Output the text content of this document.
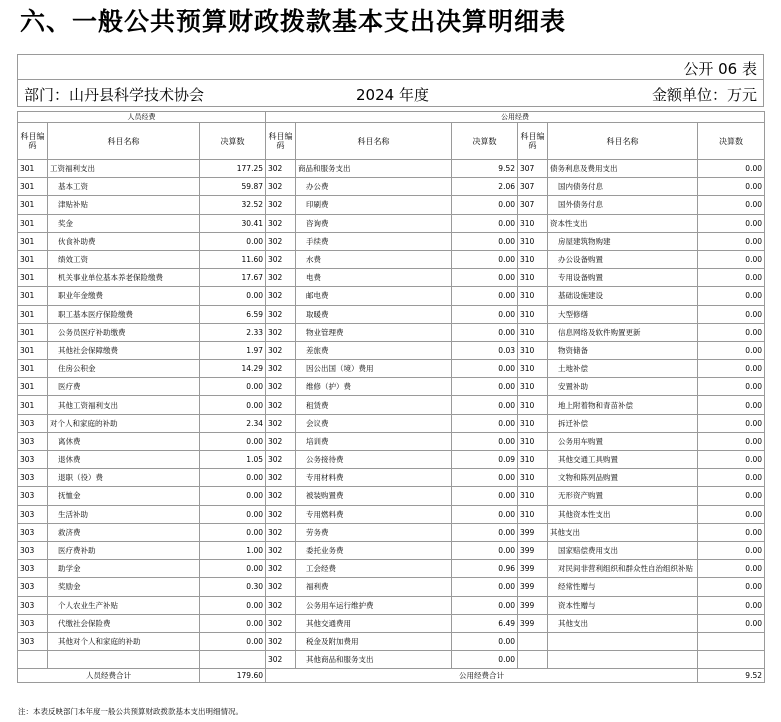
六、一般公共预算财政拨款基本支出决算明细表
公开 06 表
部门：山丹县科学技术协会	2024 年度	金额单位：万元
人员经费			公用经费					
科目编码	科目名称	决算数	科目编码	科目名称	决算数	科目编码	科目名称	决算数
301	工资福利支出	177.25	302	商品和服务支出	9.52	307	债务利息及费用支出	0.00
301	基本工资	59.87	302	办公费	2.06	307	国内债务付息	0.00
301	津贴补贴	32.52	302	印刷费	0.00	307	国外债务付息	0.00
301	奖金	30.41	302	咨询费	0.00	310	资本性支出	0.00
301	伙食补助费	0.00	302	手续费	0.00	310	房屋建筑物购建	0.00
301	绩效工资	11.60	302	水费	0.00	310	办公设备购置	0.00
301	机关事业单位基本养老保险缴费	17.67	302	电费	0.00	310	专用设备购置	0.00
301	职业年金缴费	0.00	302	邮电费	0.00	310	基础设施建设	0.00
301	职工基本医疗保险缴费	6.59	302	取暖费	0.00	310	大型修缮	0.00
301	公务员医疗补助缴费	2.33	302	物业管理费	0.00	310	信息网络及软件购置更新	0.00
301	其他社会保障缴费	1.97	302	差旅费	0.03	310	物资储备	0.00
301	住房公积金	14.29	302	因公出国（境）费用	0.00	310	土地补偿	0.00
301	医疗费	0.00	302	维修（护）费	0.00	310	安置补助	0.00
301	其他工资福利支出	0.00	302	租赁费	0.00	310	地上附着物和青苗补偿	0.00
303	对个人和家庭的补助	2.34	302	会议费	0.00	310	拆迁补偿	0.00
303	离休费	0.00	302	培训费	0.00	310	公务用车购置	0.00
303	退休费	1.05	302	公务接待费	0.09	310	其他交通工具购置	0.00
303	退职（役）费	0.00	302	专用材料费	0.00	310	文物和陈列品购置	0.00
303	抚恤金	0.00	302	被装购置费	0.00	310	无形资产购置	0.00
303	生活补助	0.00	302	专用燃料费	0.00	310	其他资本性支出	0.00
303	救济费	0.00	302	劳务费	0.00	399	其他支出	0.00
303	医疗费补助	1.00	302	委托业务费	0.00	399	国家赔偿费用支出	0.00
303	助学金	0.00	302	工会经费	0.96	399	对民间非营利组织和群众性自治组织补贴	0.00
303	奖励金	0.30	302	福利费	0.00	399	经常性赠与	0.00
303	个人农业生产补贴	0.00	302	公务用车运行维护费	0.00	399	资本性赠与	0.00
303	代缴社会保险费	0.00	302	其他交通费用	6.49	399	其他支出	0.00
303	其他对个人和家庭的补助	0.00	302	税金及附加费用	0.00			
			302	其他商品和服务支出	0.00			
人员经费合计		179.60	公用经费合计					9.52
注：本表反映部门本年度一般公共预算财政拨款基本支出明细情况。
